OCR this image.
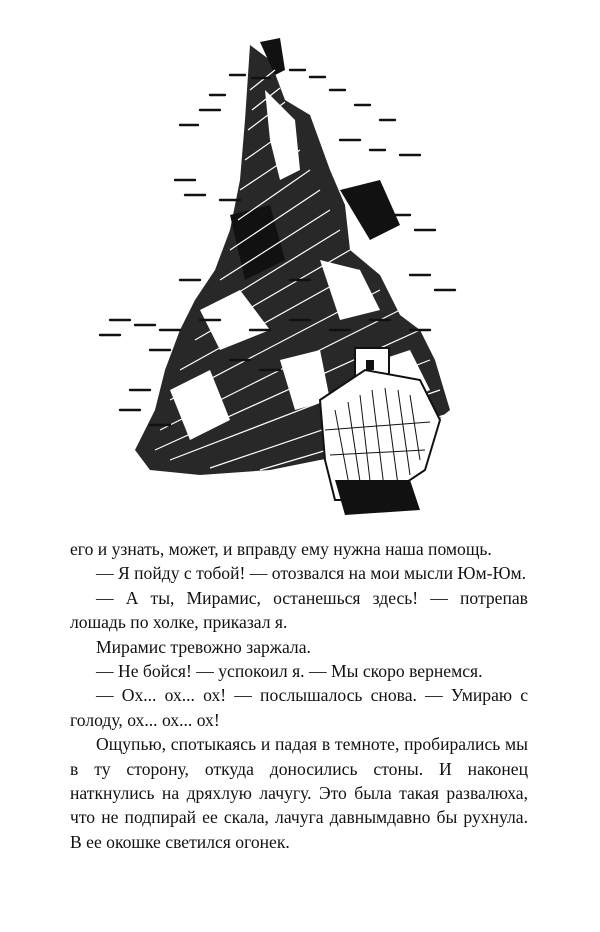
его и узнать, может, и вправду ему нужна наша помощь.

— Я пойду с тобой! — отозвался на мои мысли Юм-Юм.

— А ты, Мирамис, останешься здесь! — потрепав лошадь по холке, приказал я.

Мирамис тревожно заржала.

— Не бойся! — успокоил я. — Мы скоро вернемся.

— Ох... ох... ох! — послышалось снова. — Умираю с голоду, ох... ох... ох!

Ощупью, спотыкаясь и падая в темноте, пробирались мы в ту сторону, откуда доносились стоны. И наконец наткнулись на дряхлую лачугу. Это была такая развалюха, что не подпирай ее скала, лачуга давнымдавно бы рухнула. В ее окошке светился огонек.
